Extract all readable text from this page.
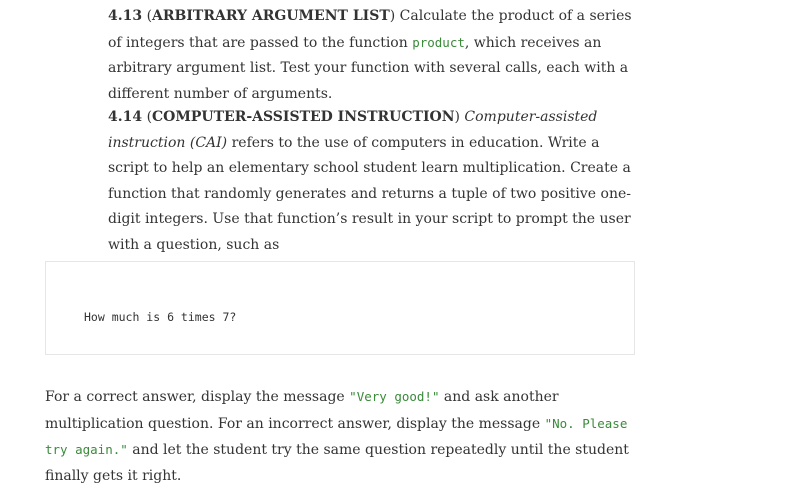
4.13 (ARBITRARY ARGUMENT LIST) Calculate the product of a series of integers that are passed to the function product, which receives an arbitrary argument list. Test your function with several calls, each with a different number of arguments.

4.14 (COMPUTER-ASSISTED INSTRUCTION) Computer-assisted instruction (CAI) refers to the use of computers in education. Write a script to help an elementary school student learn multiplication. Create a function that randomly generates and returns a tuple of two positive one-digit integers. Use that function’s result in your script to prompt the user with a question, such as

How much is 6 times 7?

For a correct answer, display the message "Very good!" and ask another multiplication question. For an incorrect answer, display the message "No. Please try again." and let the student try the same question repeatedly until the student finally gets it right.
